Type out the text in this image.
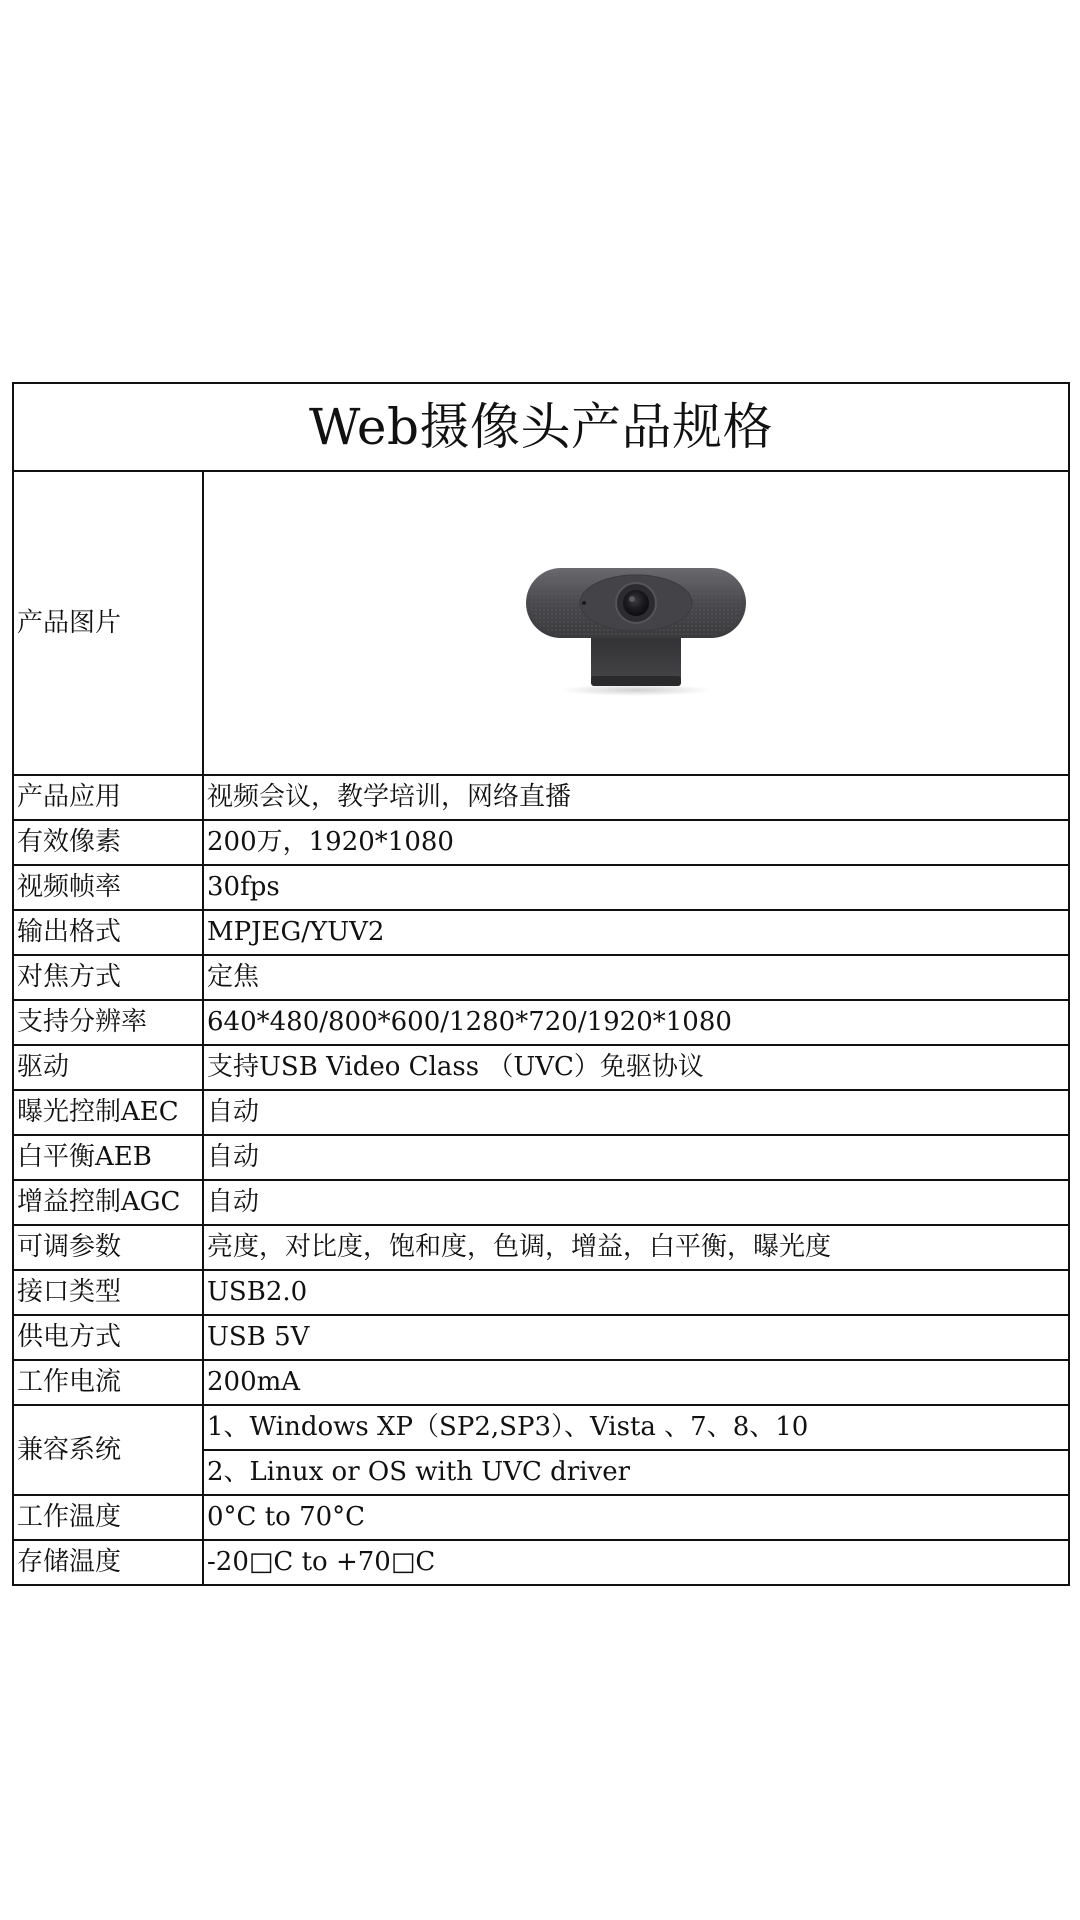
Web摄像头产品规格	
产品图片	
产品应用	视频会议，教学培训，网络直播
有效像素	200万，1920*1080
视频帧率	30fps
输出格式	MPJEG/YUV2
对焦方式	定焦
支持分辨率	640*480/800*600/1280*720/1920*1080
驱动	支持USB Video Class （UVC）免驱协议
曝光控制AEC	自动
白平衡AEB	自动
增益控制AGC	自动
可调参数	亮度，对比度，饱和度，色调，增益，白平衡，曝光度
接口类型	USB2.0
供电方式	USB 5V
工作电流	200mA
兼容系统	1、Windows XP（SP2,SP3）、Vista 、7、8、10
	2、Linux or OS with UVC driver
工作温度	0°C to 70°C
存储温度	-20□C to +70□C
